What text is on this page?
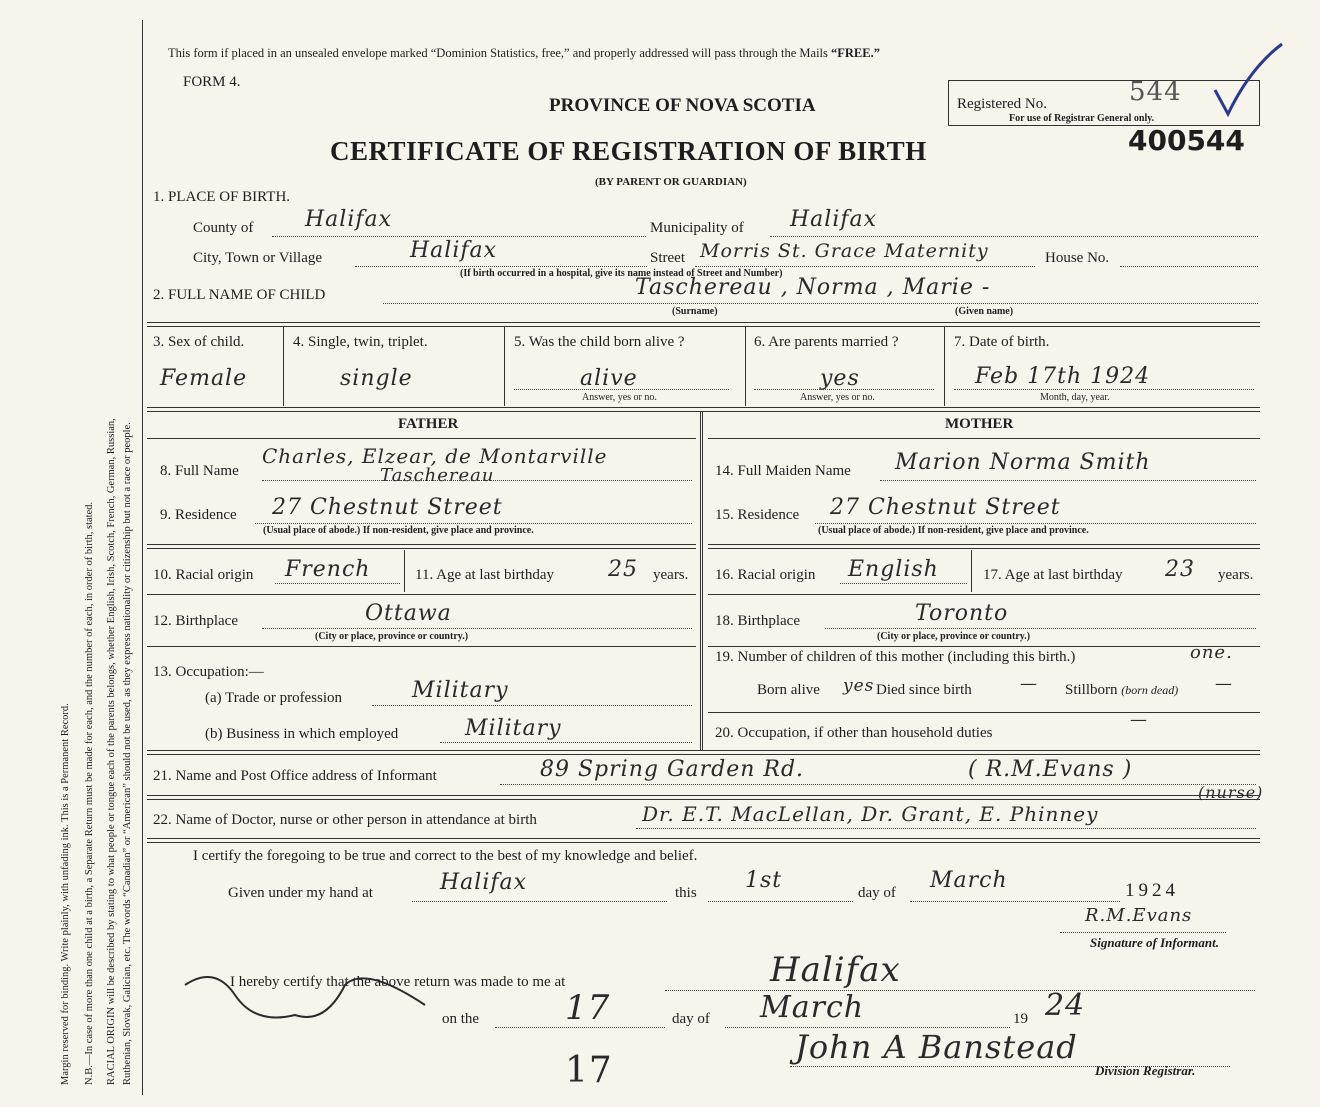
Margin reserved for binding. Write plainly, with unfading ink. This is a Permanent Record. N.B.—In case of more than one child at a birth, a Separate Return must be made for each, and the number of each, in order of birth, stated. RACIAL ORIGIN will be described by stating to what people or tongue each of the parents belongs, whether English, Irish, Scotch, French, German, Russian, Ruthenian, Slovak, Galician, etc. The words “Canadian” or “American” should not be used, as they express nationality or citizenship but not a race or people.
This form if placed in an unsealed envelope marked “Dominion Statistics, free,” and properly addressed will pass through the Mails “FREE.”
FORM 4.
PROVINCE OF NOVA SCOTIA
CERTIFICATE OF REGISTRATION OF BIRTH
(BY PARENT OR GUARDIAN)
Registered No.	544
For use of Registrar General only.
400544
1. PLACE OF BIRTH.
County of Halifax	Municipality of Halifax
City, Town or Village	Halifax	Street Morris St. Grace Maternity	House No.
(If birth occurred in a hospital, give its name instead of Street and Number)
2. FULL NAME OF CHILD	Taschereau , Norma , Marie -
(Surname)	(Given name)
3. Sex of child.
Female
4. Single, twin, triplet.
single
5. Was the child born alive ?
alive
Answer, yes or no.
6. Are parents married ?
yes
Answer, yes or no.
7. Date of birth.
Feb 17th 1924
Month, day, year.
FATHER	MOTHER
8. Full Name
Charles, Elzear, de Montarville
Taschereau
9. Residence 27 Chestnut Street
(Usual place of abode.) If non-resident, give place and province.
10. Racial origin French	11. Age at last birthday 25 years.
12. Birthplace	Ottawa
(City or place, province or country.)
13. Occupation:—
(a) Trade or profession	Military
(b) Business in which employed	Military
14. Full Maiden Name Marion Norma Smith
15. Residence 27 Chestnut Street
(Usual place of abode.) If non-resident, give place and province.
16. Racial origin English	17. Age at last birthday 23 years.
18. Birthplace	Toronto
(City or place, province or country.)
19. Number of children of this mother (including this birth.)	one.
Born alive yes Died since birth	— Stillborn (born dead) —
20. Occupation, if other than household duties
—
21. Name and Post Office address of Informant	89 Spring Garden Rd.	( R.M.Evans )
22. Name of Doctor, nurse or other person in attendance at birth	Dr. E.T. MacLellan, Dr. Grant, E. Phinney
(nurse)
I certify the foregoing to be true and correct to the best of my knowledge and belief.
Given under my hand at	Halifax	this 1st	day of March	1924
R.M.Evans
Signature of Informant.
I hereby certify that the above return was made to me at	Halifax
on the	17	day of March	19 24
John A Banstead
Division Registrar.
17
